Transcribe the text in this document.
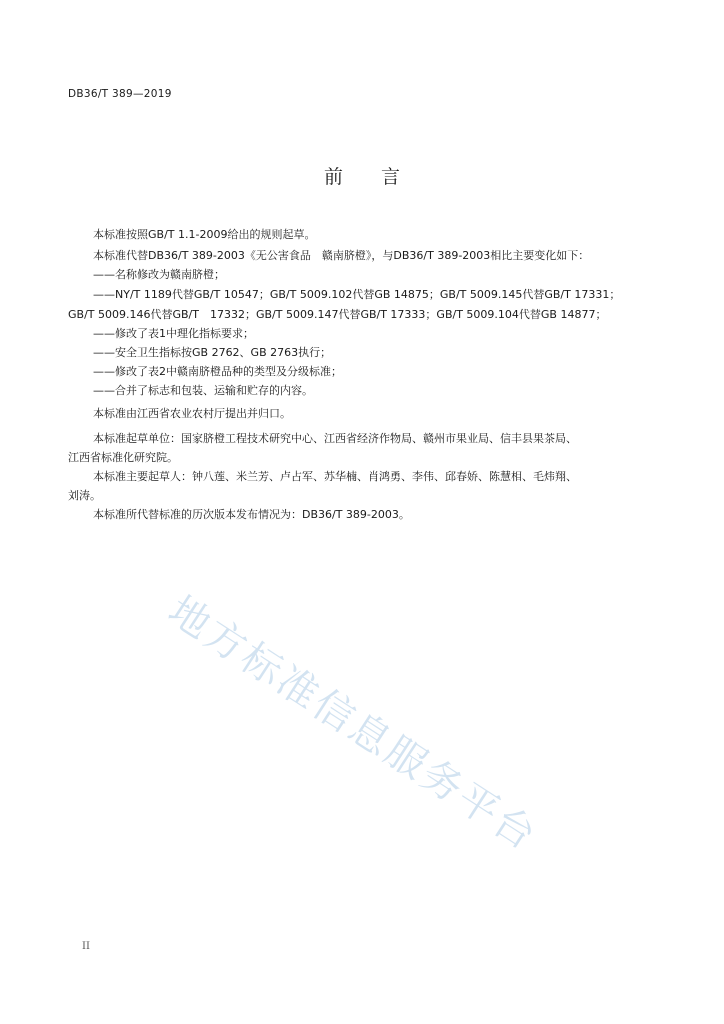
DB36/T 389—2019
前言
本标准按照GB/T 1.1-2009给出的规则起草。
本标准代替DB36/T 389-2003《无公害食品　赣南脐橙》，与DB36/T 389-2003相比主要变化如下：
——名称修改为赣南脐橙；
——NY/T 1189代替GB/T 10547；GB/T 5009.102代替GB 14875；GB/T 5009.145代替GB/T 17331；
GB/T 5009.146代替GB/T　17332；GB/T 5009.147代替GB/T 17333；GB/T 5009.104代替GB 14877；
——修改了表1中理化指标要求；
——安全卫生指标按GB 2762、GB 2763执行；
——修改了表2中赣南脐橙品种的类型及分级标准；
——合并了标志和包装、运输和贮存的内容。
本标准由江西省农业农村厅提出并归口。
本标准起草单位：国家脐橙工程技术研究中心、江西省经济作物局、赣州市果业局、信丰县果茶局、
江西省标准化研究院。
本标准主要起草人：钟八莲、米兰芳、卢占军、苏华楠、肖鸿勇、李伟、邱春娇、陈慧相、毛炜翔、
刘涛。
本标准所代替标准的历次版本发布情况为：DB36/T 389-2003。
地方标准信息服务平台
II
